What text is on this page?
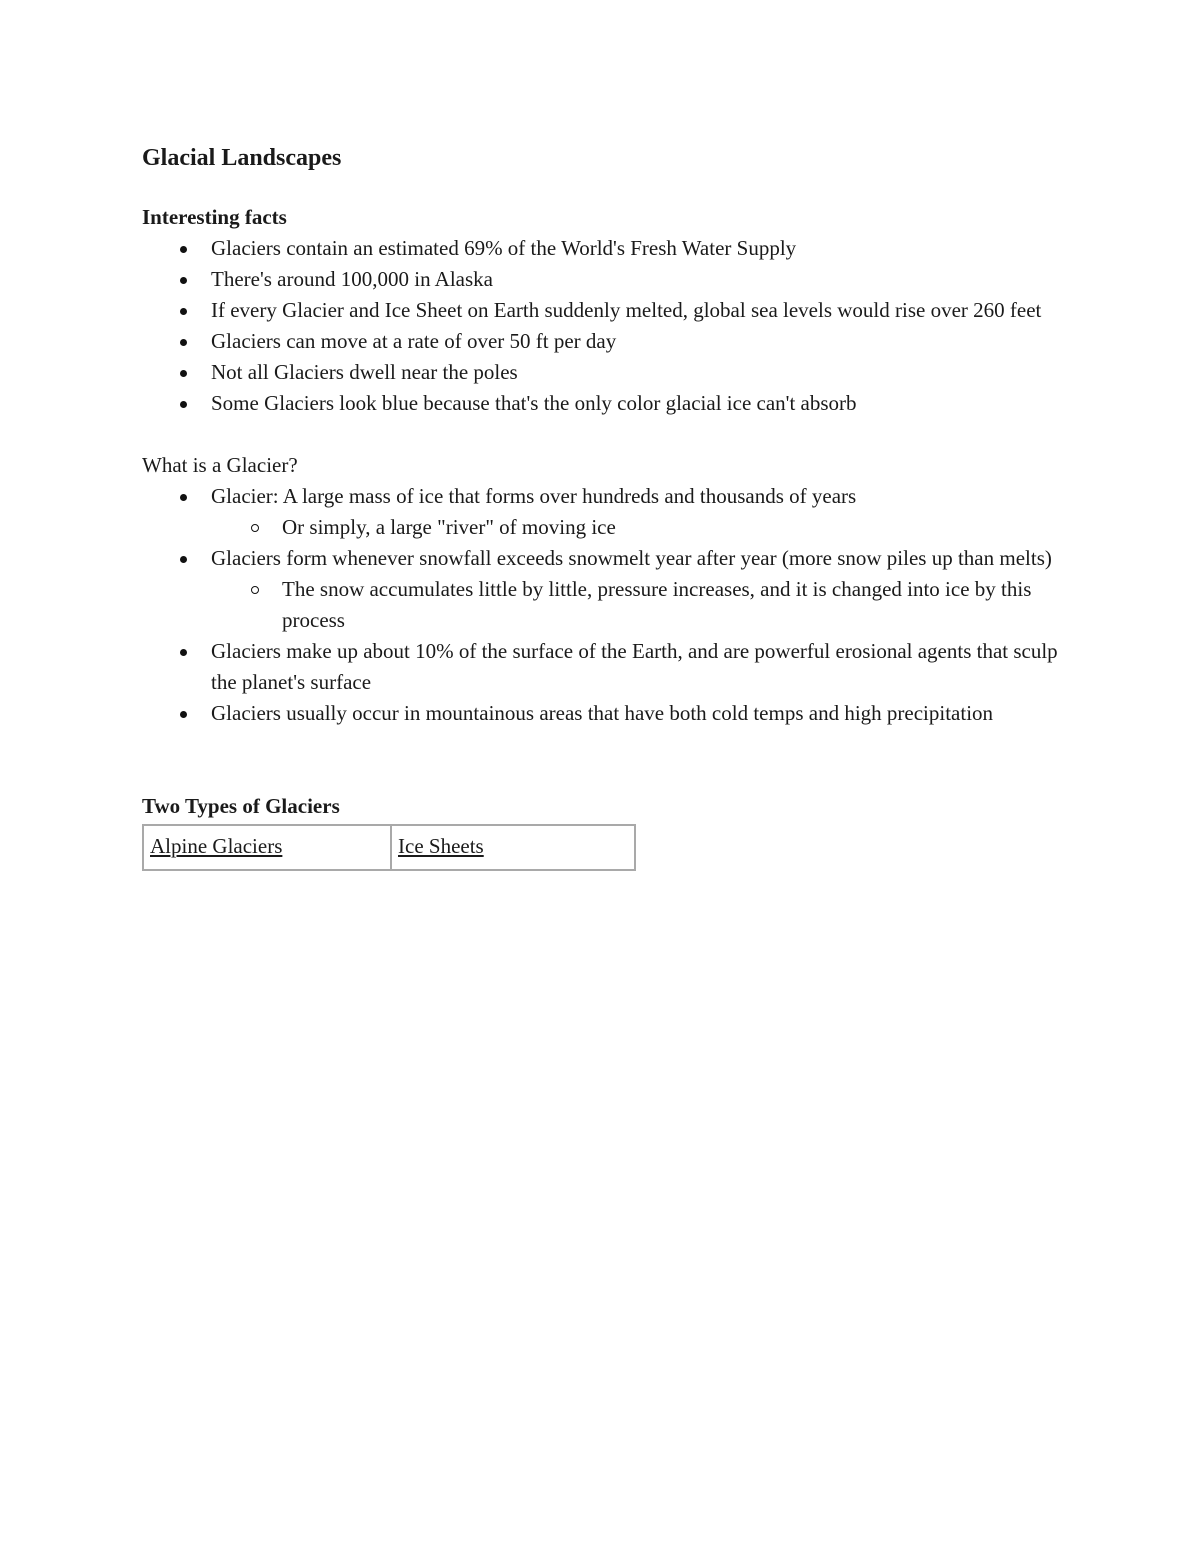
Glacial Landscapes
Interesting facts
Glaciers contain an estimated 69% of the World's Fresh Water Supply
There's around 100,000 in Alaska
If every Glacier and Ice Sheet on Earth suddenly melted, global sea levels would rise over 260 feet
Glaciers can move at a rate of over 50 ft per day
Not all Glaciers dwell near the poles
Some Glaciers look blue because that's the only color glacial ice can't absorb
What is a Glacier?
Glacier: A large mass of ice that forms over hundreds and thousands of years
Or simply, a large "river" of moving ice
Glaciers form whenever snowfall exceeds snowmelt year after year (more snow piles up than melts)
The snow accumulates little by little, pressure increases, and it is changed into ice by this process
Glaciers make up about 10% of the surface of the Earth, and are powerful erosional agents that sculp the planet's surface
Glaciers usually occur in mountainous areas that have both cold temps and high precipitation
Two Types of Glaciers
Alpine Glaciers	Ice Sheets
